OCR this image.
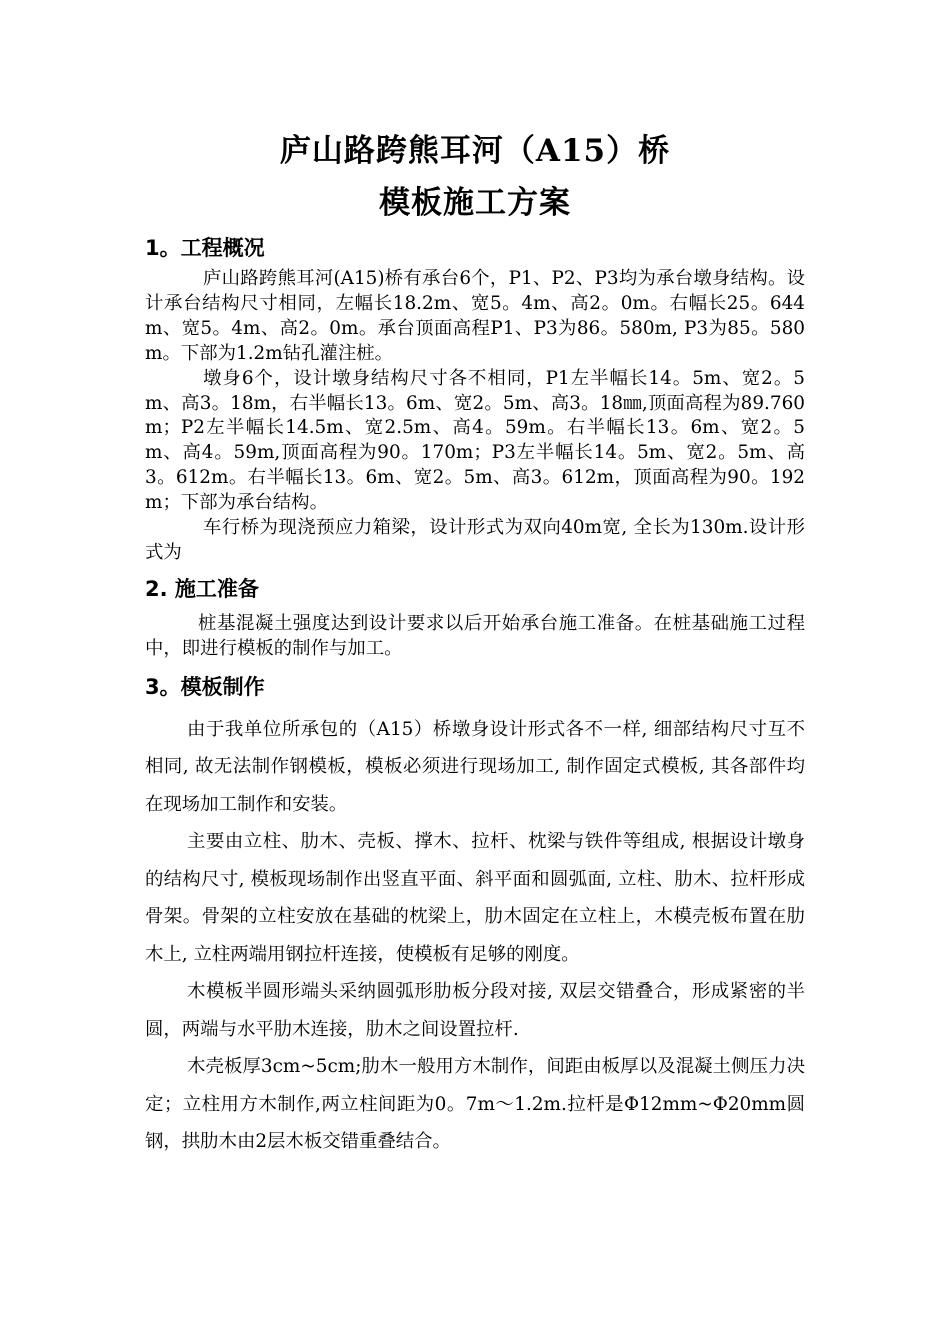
庐山路跨熊耳河（A15）桥
模板施工方案
1。工程概况

庐山路跨熊耳河(A15)桥有承台6个，P1、P2、P3均为承台墩身结构。设计承台结构尺寸相同，左幅长18.2m、宽5。4m、高2。0m。右幅长25。644m、宽5。4m、高2。0m。承台顶面高程P1、P3为86。580m, P3为85。580m。下部为1.2m钻孔灌注桩。

墩身6个，设计墩身结构尺寸各不相同，P1左半幅长14。5m、宽2。5m、高3。18m，右半幅长13。6m、宽2。5m、高3。18㎜,顶面高程为89.760m；P2左半幅长14.5m、宽2.5m、高4。59m。右半幅长13。6m、宽2。5m、高4。59m,顶面高程为90。170m；P3左半幅长14。5m、宽2。5m、高3。612m。右半幅长13。6m、宽2。5m、高3。612m，顶面高程为90。192m；下部为承台结构。

车行桥为现浇预应力箱梁，设计形式为双向40m宽, 全长为130m.设计形式为

2. 施工准备

桩基混凝土强度达到设计要求以后开始承台施工准备。在桩基础施工过程中，即进行模板的制作与加工。

3。模板制作

由于我单位所承包的（A15）桥墩身设计形式各不一样, 细部结构尺寸互不相同, 故无法制作钢模板，模板必须进行现场加工, 制作固定式模板, 其各部件均在现场加工制作和安装。

主要由立柱、肋木、壳板、撑木、拉杆、枕梁与铁件等组成, 根据设计墩身的结构尺寸, 模板现场制作出竖直平面、斜平面和圆弧面, 立柱、肋木、拉杆形成骨架。骨架的立柱安放在基础的枕梁上，肋木固定在立柱上，木模壳板布置在肋木上, 立柱两端用钢拉杆连接，使模板有足够的刚度。

木模板半圆形端头采纳圆弧形肋板分段对接, 双层交错叠合，形成紧密的半圆，两端与水平肋木连接，肋木之间设置拉杆.

木壳板厚3cm~5cm;肋木一般用方木制作，间距由板厚以及混凝土侧压力决定；立柱用方木制作,两立柱间距为0。7m～1.2m.拉杆是Φ12mm~Φ20mm圆钢，拱肋木由2层木板交错重叠结合。
